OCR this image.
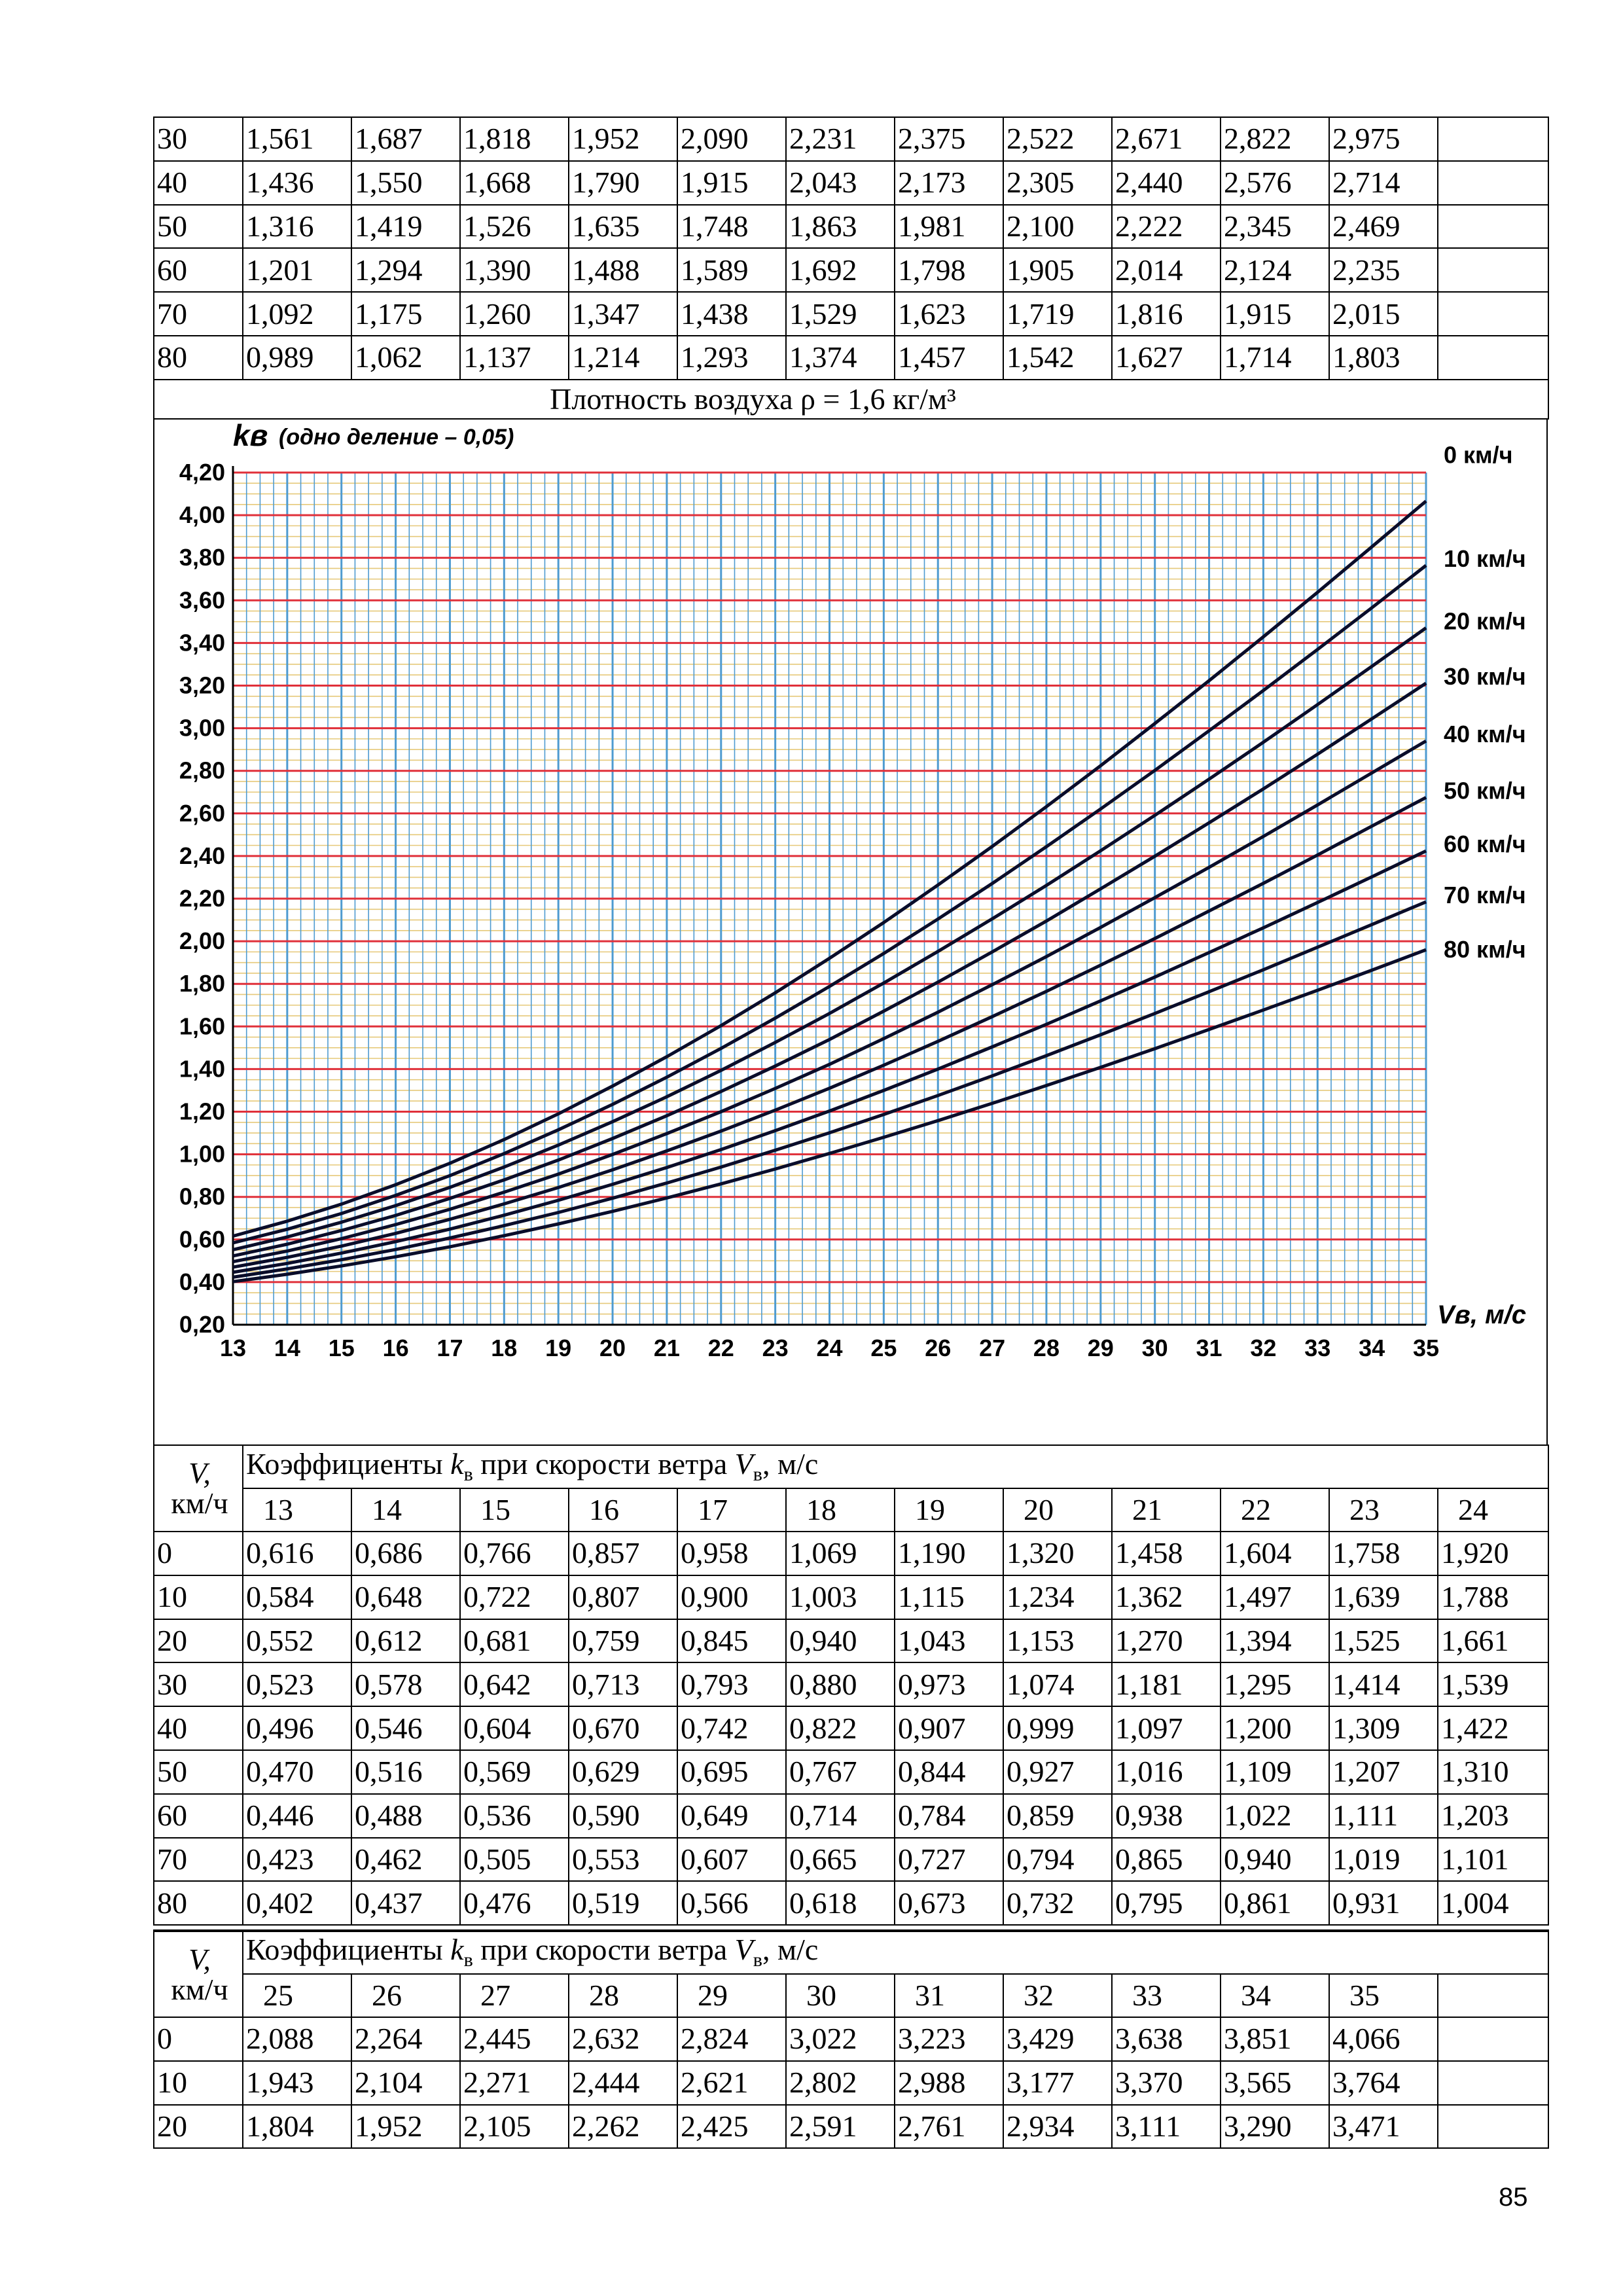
30	1,561	1,687	1,818	1,952	2,090	2,231	2,375	2,522	2,671	2,822	2,975	
40	1,436	1,550	1,668	1,790	1,915	2,043	2,173	2,305	2,440	2,576	2,714	
50	1,316	1,419	1,526	1,635	1,748	1,863	1,981	2,100	2,222	2,345	2,469	
60	1,201	1,294	1,390	1,488	1,589	1,692	1,798	1,905	2,014	2,124	2,235	
70	1,092	1,175	1,260	1,347	1,438	1,529	1,623	1,719	1,816	1,915	2,015	
80	0,989	1,062	1,137	1,214	1,293	1,374	1,457	1,542	1,627	1,714	1,803	
Плотность воздуха ρ = 1,6 кг/м³												
0,20
0,40
0,60
0,80
1,00
1,20
1,40
1,60
1,80
2,00
2,20
2,40
2,60
2,80
3,00
3,20
3,40
3,60
3,80
4,00
4,20
13 14 15 16 17 18 19 20 21 22 23 24 25 26 27 28 29 30 31 32 33 34 35
kв (одно деление – 0,05)
Vв, м/с
0 км/ч
10 км/ч
20 км/ч
30 км/ч
40 км/ч
50 км/ч
60 км/ч
70 км/ч
80 км/ч
V,
км/ч	Коэффициенты $k_в$ при скорости ветра $V_в$, м/с											
	13	14	15	16	17	18	19	20	21	22	23	24
0	0,616	0,686	0,766	0,857	0,958	1,069	1,190	1,320	1,458	1,604	1,758	1,920
10	0,584	0,648	0,722	0,807	0,900	1,003	1,115	1,234	1,362	1,497	1,639	1,788
20	0,552	0,612	0,681	0,759	0,845	0,940	1,043	1,153	1,270	1,394	1,525	1,661
30	0,523	0,578	0,642	0,713	0,793	0,880	0,973	1,074	1,181	1,295	1,414	1,539
40	0,496	0,546	0,604	0,670	0,742	0,822	0,907	0,999	1,097	1,200	1,309	1,422
50	0,470	0,516	0,569	0,629	0,695	0,767	0,844	0,927	1,016	1,109	1,207	1,310
60	0,446	0,488	0,536	0,590	0,649	0,714	0,784	0,859	0,938	1,022	1,111	1,203
70	0,423	0,462	0,505	0,553	0,607	0,665	0,727	0,794	0,865	0,940	1,019	1,101
80	0,402	0,437	0,476	0,519	0,566	0,618	0,673	0,732	0,795	0,861	0,931	1,004
V,
км/ч	Коэффициенты $k_в$ при скорости ветра $V_в$, м/с											
	25	26	27	28	29	30	31	32	33	34	35	
0	2,088	2,264	2,445	2,632	2,824	3,022	3,223	3,429	3,638	3,851	4,066	
10	1,943	2,104	2,271	2,444	2,621	2,802	2,988	3,177	3,370	3,565	3,764	
20	1,804	1,952	2,105	2,262	2,425	2,591	2,761	2,934	3,111	3,290	3,471	
85
